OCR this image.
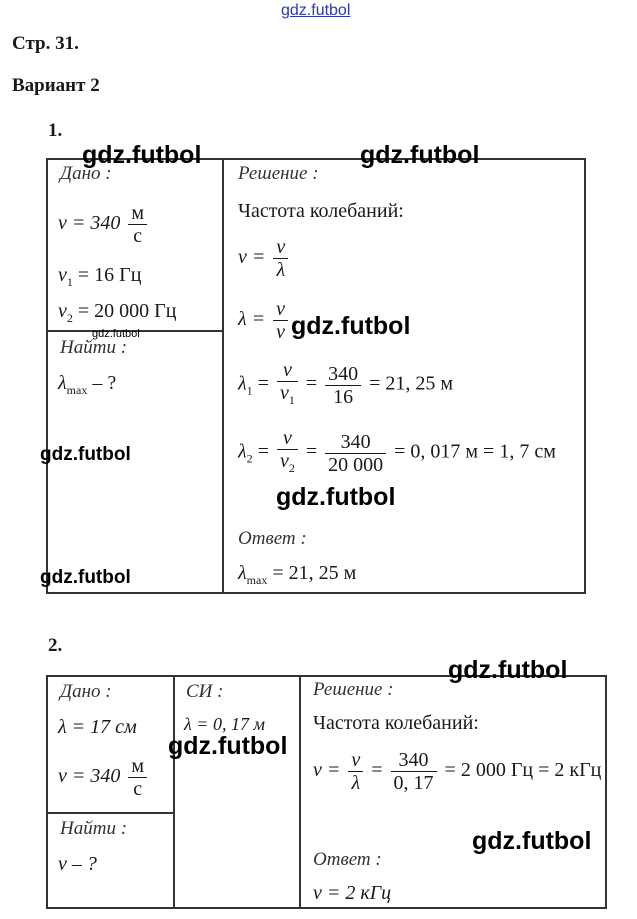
gdz.futbol
Стр. 31.
Вариант 2
1.
Дано :
$\nu = 340 \frac{м}{с}$
$\nu_1 = 16$ Гц
$\nu_2 = 20$ 000 Гц
Найти :
$\lambda_{max}$ – ?
Решение :
Частота колебаний:
$\nu = \frac{v}{\lambda}$
$\lambda = \frac{v}{\nu}$
$\lambda_1 = \frac{v}{\nu_1} = \frac{340}{16} = 21$, 25 м
$\lambda_2 = \frac{v}{\nu_2} = \frac{340}{20 000} = 0$, 017 м = 1, 7 см
Ответ :
$\lambda_{max} = 21$, 25 м
2.
Дано :
λ = 17 см
$v = 340 \frac{м}{с}$
Найти :
ν – ?
СИ :
λ = 0, 17 м
Решение :
Частота колебаний:
$\nu = \frac{v}{\lambda} = \frac{340}{0, 17} = 2$ 000 Гц = 2 кГц
Ответ :
ν = 2 кГц
gdz.futbol	gdz.futbol
gdz.futbol
gdz.futbol
gdz.futbol
gdz.futbol
gdz.futbol
gdz.futbol
gdz.futbol
gdz.futbol
